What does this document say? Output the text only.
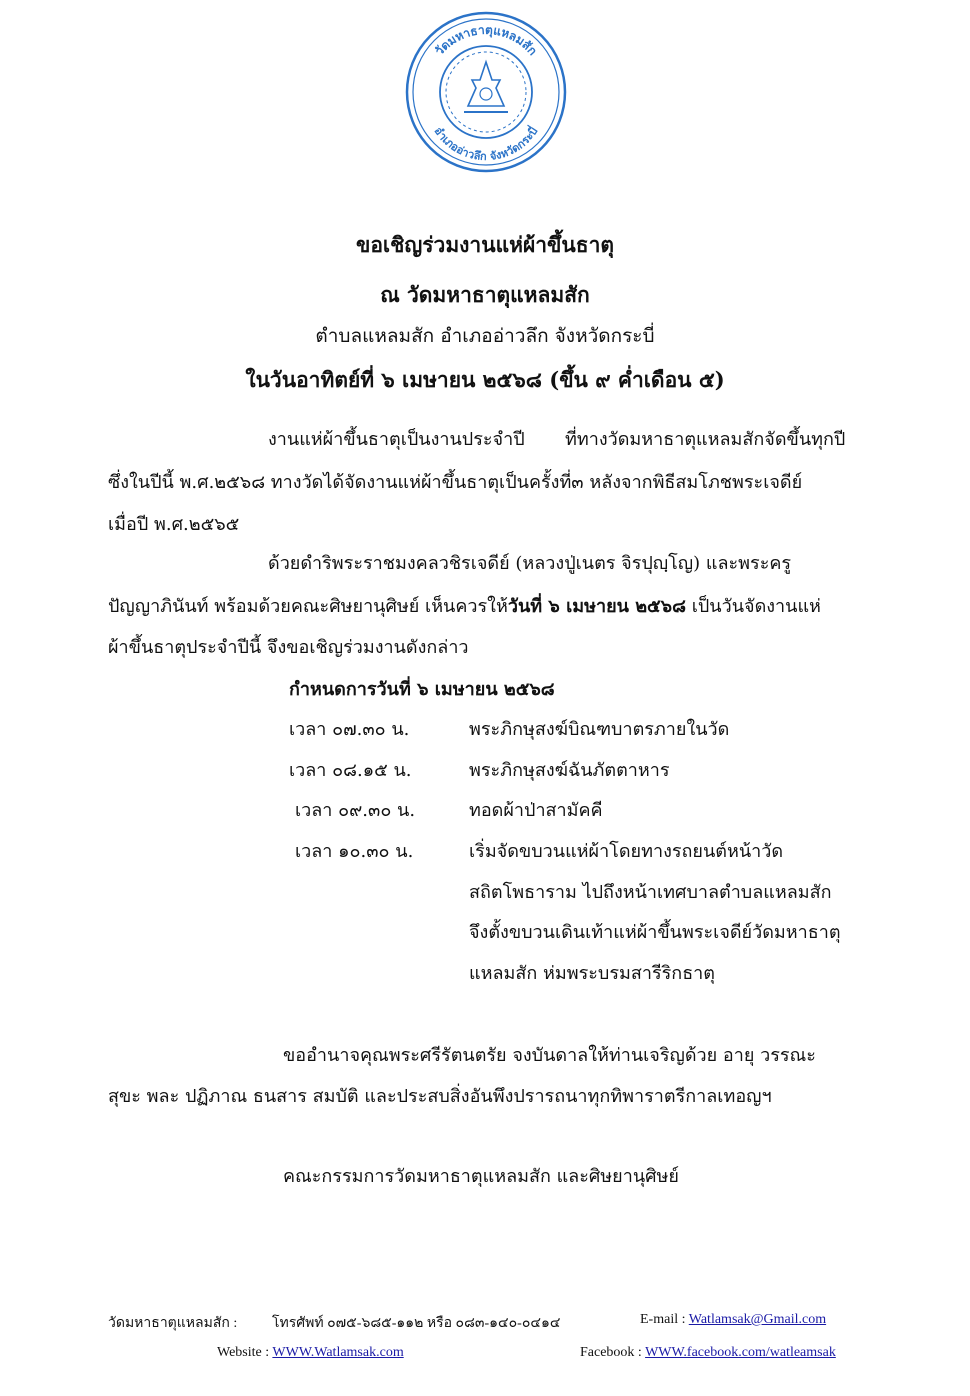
วัดมหาธาตุแหลมสัก
อำเภออ่าวลึก จังหวัดกระบี่
ขอเชิญร่วมงานแห่ผ้าขึ้นธาตุ
ณ วัดมหาธาตุแหลมสัก
ตำบลแหลมสัก อำเภออ่าวลึก จังหวัดกระบี่
ในวันอาทิตย์ที่ ๖ เมษายน ๒๕๖๘ (ขึ้น ๙ ค่ำเดือน ๕)
งานแห่ผ้าขึ้นธาตุเป็นงานประจำปี ที่ทางวัดมหาธาตุแหลมสักจัดขึ้นทุกปี
ซึ่งในปีนี้ พ.ศ.๒๕๖๘ ทางวัดได้จัดงานแห่ผ้าขึ้นธาตุเป็นครั้งที่๓ หลังจากพิธีสมโภชพระเจดีย์
เมื่อปี พ.ศ.๒๕๖๕
ด้วยดำริพระราชมงคลวชิรเจดีย์ (หลวงปู่เนตร จิรปุญฺโญ) และพระครู
ปัญญาภินันท์ พร้อมด้วยคณะศิษยานุศิษย์ เห็นควรให้วันที่ ๖ เมษายน ๒๕๖๘ เป็นวันจัดงานแห่
ผ้าขึ้นธาตุประจำปีนี้ จึงขอเชิญร่วมงานดังกล่าว
กำหนดการวันที่ ๖ เมษายน ๒๕๖๘
เวลา ๐๗.๓๐ น.	พระภิกษุสงฆ์บิณฑบาตรภายในวัด
เวลา ๐๘.๑๕ น.	พระภิกษุสงฆ์ฉันภัตตาหาร
เวลา ๐๙.๓๐ น.	ทอดผ้าป่าสามัคคี
เวลา ๑๐.๓๐ น.	เริ่มจัดขบวนแห่ผ้าโดยทางรถยนต์หน้าวัด
สถิตโพธาราม ไปถึงหน้าเทศบาลตำบลแหลมสัก
จึงตั้งขบวนเดินเท้าแห่ผ้าขึ้นพระเจดีย์วัดมหาธาตุ
แหลมสัก ห่มพระบรมสารีริกธาตุ
ขออำนาจคุณพระศรีรัตนตรัย จงบันดาลให้ท่านเจริญด้วย อายุ วรรณะ
สุขะ พละ ปฏิภาณ ธนสาร สมบัติ และประสบสิ่งอันพึงปรารถนาทุกทิพาราตรีกาลเทอญฯ
คณะกรรมการวัดมหาธาตุแหลมสัก และศิษยานุศิษย์
วัดมหาธาตุแหลมสัก : โทรศัพท์ ๐๗๕-๖๘๕-๑๑๒ หรือ ๐๘๓-๑๔๐-๐๔๑๔	E-mail : Watlamsak@Gmail.com
Website : WWW.Watlamsak.com	Facebook : WWW.facebook.com/watleamsak
